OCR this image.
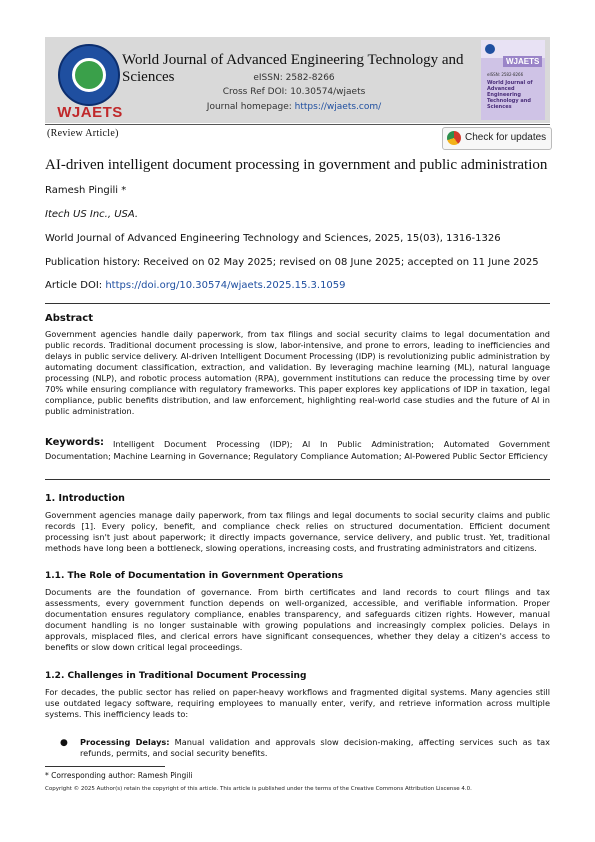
WJAETS
World Journal of Advanced Engineering Technology and Sciences	eISSN: 2582-8266
Cross Ref DOI: 10.30574/wjaets
Journal homepage: https://wjaets.com/
WJAETS
eISSN: 2582-8266
World Journal of Advanced Engineering Technology and Sciences
(Review Article)	Check for updates
AI-driven intelligent document processing in government and public administration
Ramesh Pingili *
Itech US Inc., USA.
World Journal of Advanced Engineering Technology and Sciences, 2025, 15(03), 1316-1326
Publication history: Received on 02 May 2025; revised on 08 June 2025; accepted on 11 June 2025
Article DOI: https://doi.org/10.30574/wjaets.2025.15.3.1059
Abstract
Government agencies handle daily paperwork, from tax filings and social security claims to legal documentation and public records. Traditional document processing is slow, labor-intensive, and prone to errors, leading to inefficiencies and delays in public service delivery. AI-driven Intelligent Document Processing (IDP) is revolutionizing public administration by automating document classification, extraction, and validation. By leveraging machine learning (ML), natural language processing (NLP), and robotic process automation (RPA), government institutions can reduce the processing time by over 70% while ensuring compliance with regulatory frameworks. This paper explores key applications of IDP in taxation, legal compliance, public benefits distribution, and law enforcement, highlighting real-world case studies and the future of AI in public administration.
Keywords:	Intelligent Document Processing (IDP); AI In Public Administration; Automated Government Documentation; Machine Learning in Governance; Regulatory Compliance Automation; AI-Powered Public Sector Efficiency
1. Introduction
Government agencies manage daily paperwork, from tax filings and legal documents to social security claims and public records [1]. Every policy, benefit, and compliance check relies on structured documentation. Efficient document processing isn't just about paperwork; it directly impacts governance, service delivery, and public trust. Yet, traditional methods have long been a bottleneck, slowing operations, increasing costs, and frustrating administrators and citizens.
1.1. The Role of Documentation in Government Operations
Documents are the foundation of governance. From birth certificates and land records to court filings and tax assessments, every government function depends on well-organized, accessible, and verifiable information. Proper documentation ensures regulatory compliance, enables transparency, and safeguards citizen rights. However, manual document handling is no longer sustainable with growing populations and increasingly complex policies. Delays in approvals, misplaced files, and clerical errors have significant consequences, whether they delay a citizen's access to benefits or slow down critical legal proceedings.
1.2. Challenges in Traditional Document Processing
For decades, the public sector has relied on paper-heavy workflows and fragmented digital systems. Many agencies still use outdated legacy software, requiring employees to manually enter, verify, and retrieve information across multiple systems. This inefficiency leads to:
● Processing Delays: Manual validation and approvals slow decision-making, affecting services such as tax refunds, permits, and social security benefits.
* Corresponding author: Ramesh Pingili
Copyright © 2025 Author(s) retain the copyright of this article. This article is published under the terms of the Creative Commons Attribution Liscense 4.0.
